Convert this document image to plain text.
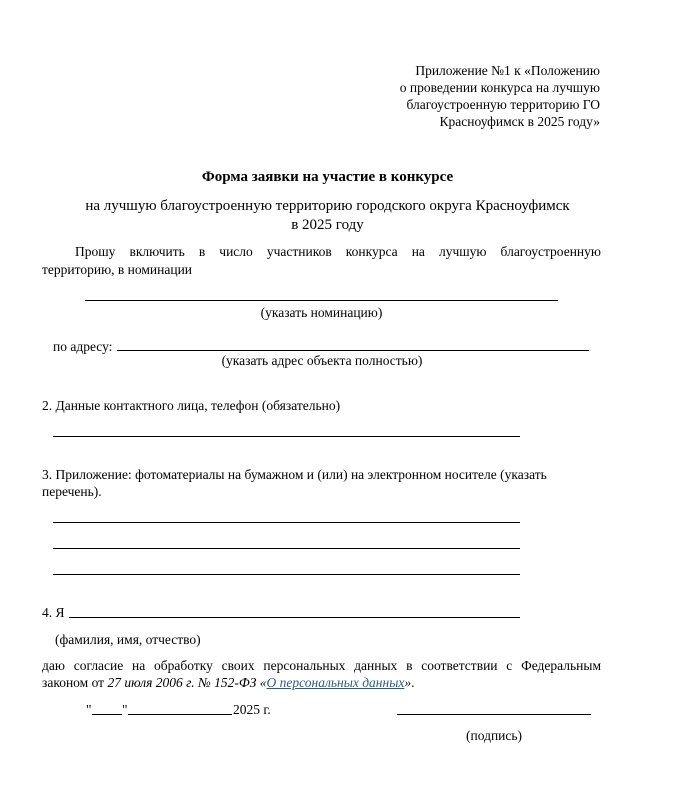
Приложение №1 к «Положению
о проведении конкурса на лучшую
благоустроенную территорию ГО
Красноуфимск в 2025 году»
Форма заявки на участие в конкурсе
на лучшую благоустроенную территорию городского округа Красноуфимск
в 2025 году
Прошу включить в число участников конкурса на лучшую благоустроенную
территорию, в номинации
(указать номинацию)
по адресу:
(указать адрес объекта полностью)
2. Данные контактного лица, телефон (обязательно)
3. Приложение: фотоматериалы на бумажном и (или) на электронном носителе (указать
перечень).
4. Я
(фамилия, имя, отчество)
даю согласие на обработку своих персональных данных в соответствии с Федеральным
законом от 27 июля 2006 г. № 152-ФЗ «О персональных данных».
" "	2025 г.
(подпись)
